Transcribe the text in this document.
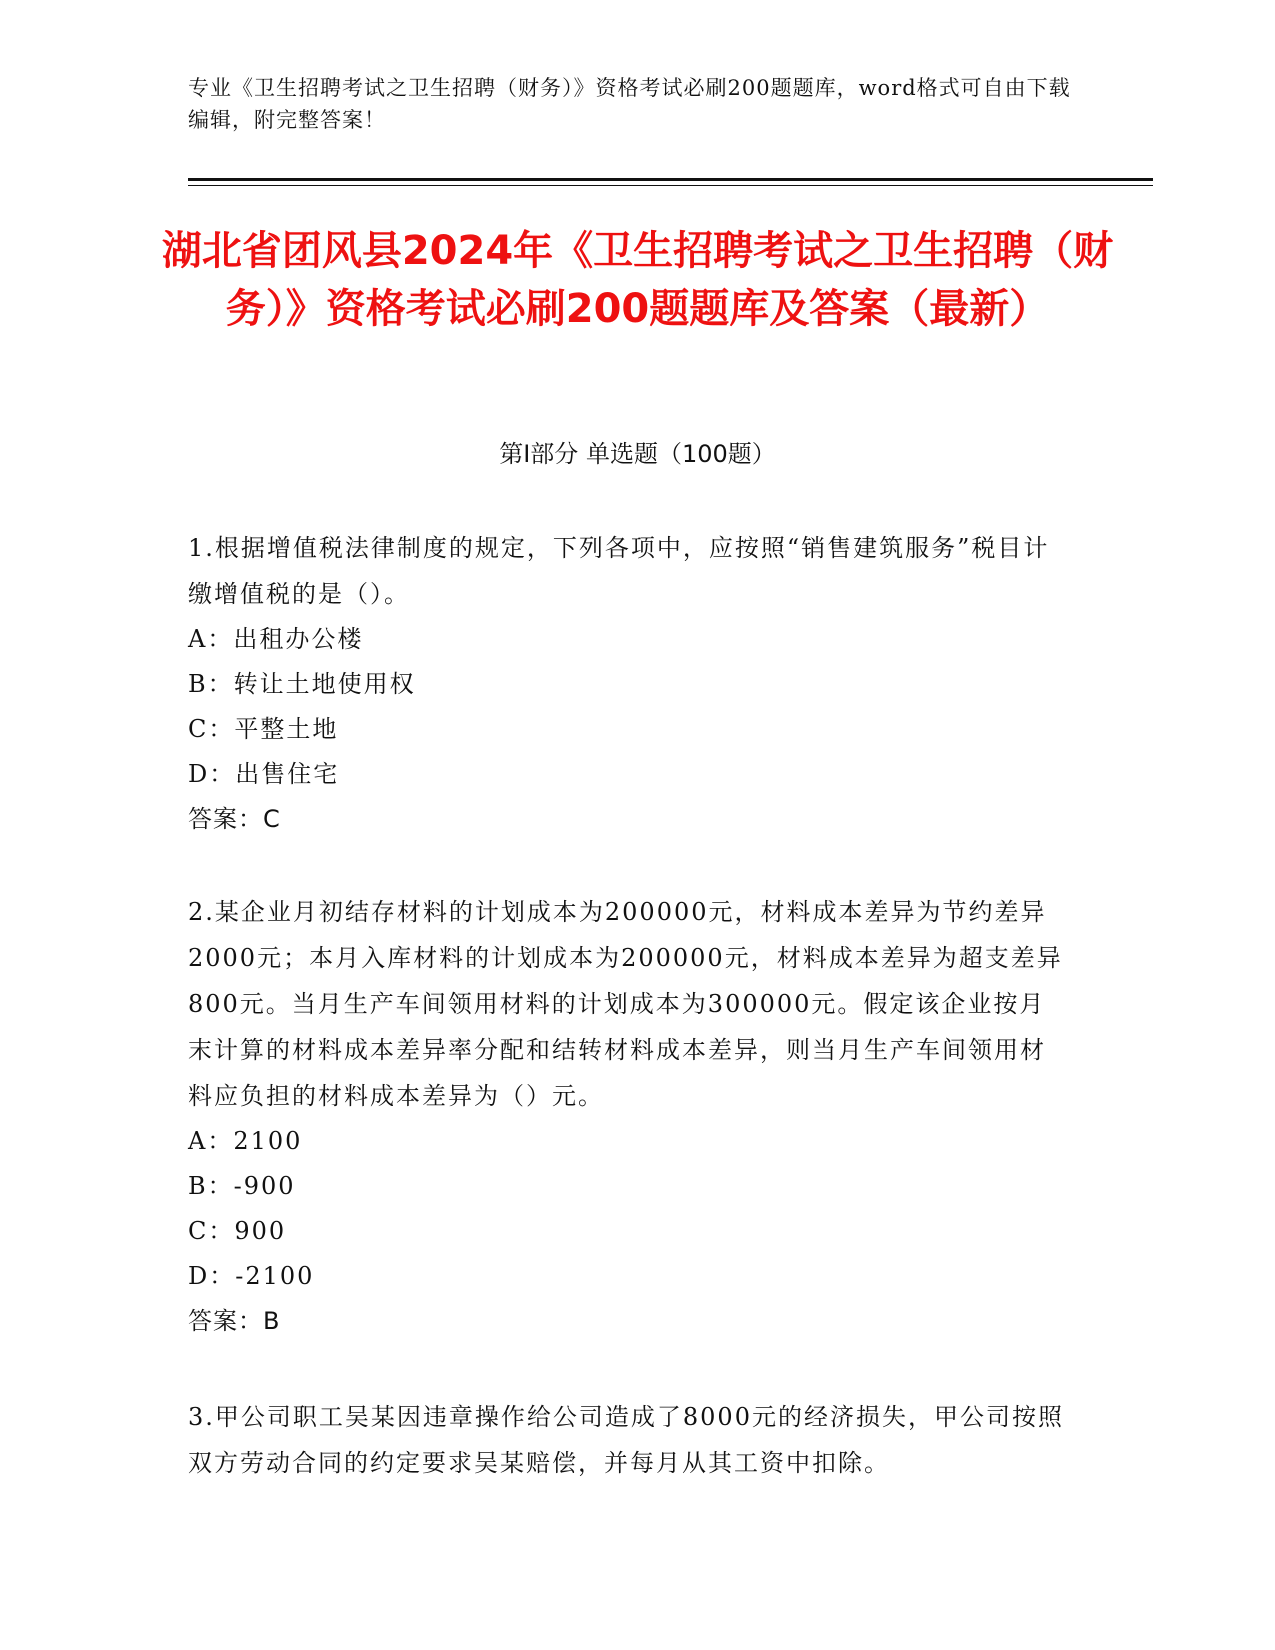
专业《卫生招聘考试之卫生招聘（财务）》资格考试必刷200题题库，word格式可自由下载编辑，附完整答案！
湖北省团风县2024年《卫生招聘考试之卫生招聘（财务）》资格考试必刷200题题库及答案（最新）
第I部分 单选题（100题）
1.根据增值税法律制度的规定，下列各项中，应按照“销售建筑服务”税目计缴增值税的是（）。
A：出租办公楼
B：转让土地使用权
C：平整土地
D：出售住宅
答案：C
2.某企业月初结存材料的计划成本为200000元，材料成本差异为节约差异2000元；本月入库材料的计划成本为200000元，材料成本差异为超支差异800元。当月生产车间领用材料的计划成本为300000元。假定该企业按月末计算的材料成本差异率分配和结转材料成本差异，则当月生产车间领用材料应负担的材料成本差异为（）元。
A：2100
B：-900
C：900
D：-2100
答案：B
3.甲公司职工吴某因违章操作给公司造成了8000元的经济损失，甲公司按照双方劳动合同的约定要求吴某赔偿，并每月从其工资中扣除。
